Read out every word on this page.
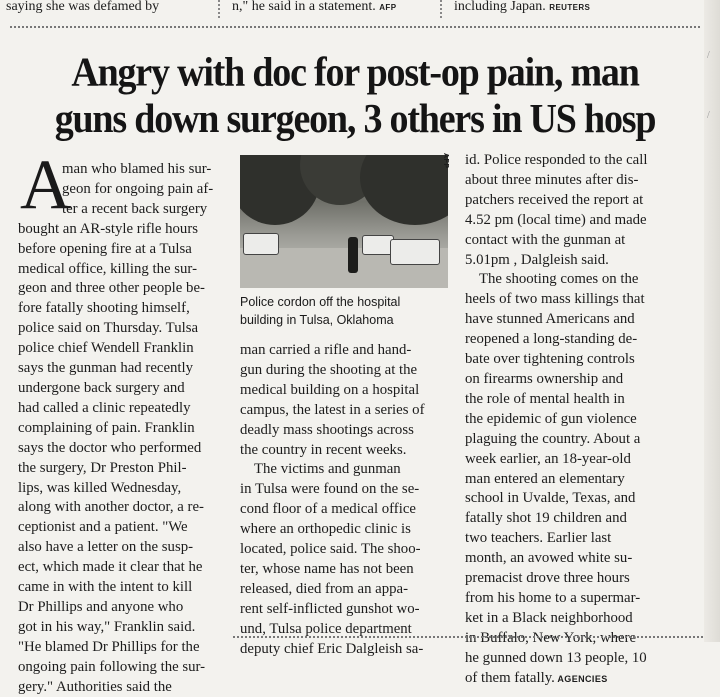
saying she was defamed by	n," he said in a statement. AFP	including Japan. REUTERS
Angry with doc for post-op pain, man
guns down surgeon, 3 others in US hosp
A
man who blamed his sur-
geon for ongoing pain af-
ter a recent back surgery
bought an AR-style rifle hours
before opening fire at a Tulsa
medical office, killing the sur-
geon and three other people be-
fore fatally shooting himself,
police said on Thursday. Tulsa
police chief Wendell Franklin
says the gunman had recently
undergone back surgery and
had called a clinic repeatedly
complaining of pain. Franklin
says the doctor who performed
the surgery, Dr Preston Phil-
lips, was killed Wednesday,
along with another doctor, a re-
ceptionist and a patient. "We
also have a letter on the susp-
ect, which made it clear that he
came in with the intent to kill
Dr Phillips and anyone who
got in his way," Franklin said.
"He blamed Dr Phillips for the
ongoing pain following the sur-
gery." Authorities said the
AFP
Police cordon off the hospital
building in Tulsa, Oklahoma
man carried a rifle and hand-
gun during the shooting at the
medical building on a hospital
campus, the latest in a series of
deadly mass shootings across
the country in recent weeks.
The victims and gunman
in Tulsa were found on the se-
cond floor of a medical office
where an orthopedic clinic is
located, police said. The shoo-
ter, whose name has not been
released, died from an appa-
rent self-inflicted gunshot wo-
und, Tulsa police department
deputy chief Eric Dalgleish sa-
id. Police responded to the call
about three minutes after dis-
patchers received the report at
4.52 pm (local time) and made
contact with the gunman at
5.01pm , Dalgleish said.
The shooting comes on the
heels of two mass killings that
have stunned Americans and
reopened a long-standing de-
bate over tightening controls
on firearms ownership and
the role of mental health in
the epidemic of gun violence
plaguing the country. About a
week earlier, an 18-year-old
man entered an elementary
school in Uvalde, Texas, and
fatally shot 19 children and
two teachers. Earlier last
month, an avowed white su-
premacist drove three hours
from his home to a supermar-
ket in a Black neighborhood
in Buffalo, New York, where
he gunned down 13 people, 10
of them fatally. AGENCIES
/
/
